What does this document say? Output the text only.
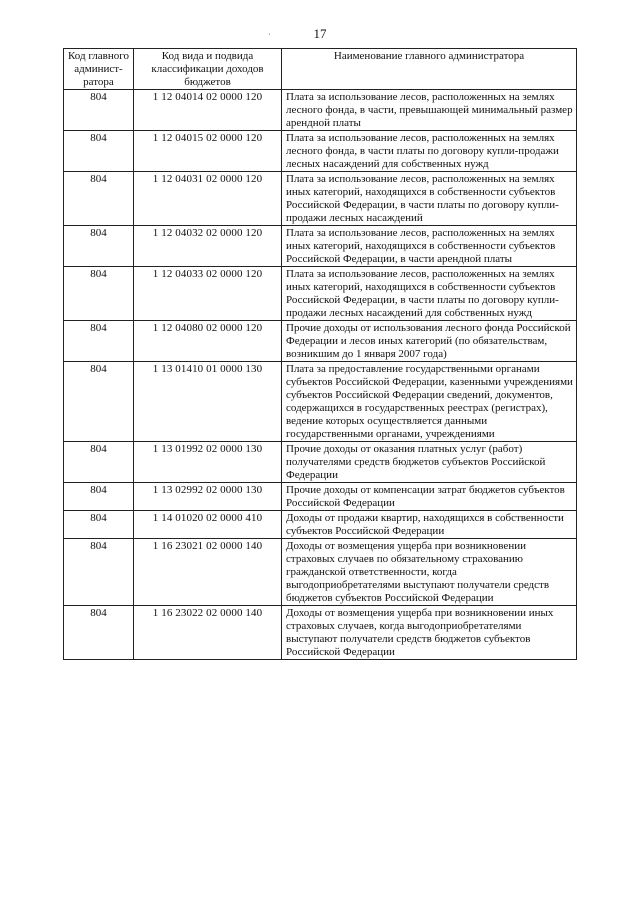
17
·
Код главного админист-ратора	Код вида и подвида классификации доходов бюджетов	Наименование главного администратора
804	1 12 04014 02 0000 120	Плата за использование лесов, расположенных на землях лесного фонда, в части, превышающей минимальный размер арендной платы
804	1 12 04015 02 0000 120	Плата за использование лесов, расположенных на землях лесного фонда, в части платы по договору купли-продажи лесных насаждений для собственных нужд
804	1 12 04031 02 0000 120	Плата за использование лесов, расположенных на землях иных категорий, находящихся в собственности субъектов Российской Федерации, в части платы по договору купли-продажи лесных насаждений
804	1 12 04032 02 0000 120	Плата за использование лесов, расположенных на землях иных категорий, находящихся в собственности субъектов Российской Федерации, в части арендной платы
804	1 12 04033 02 0000 120	Плата за использование лесов, расположенных на землях иных категорий, находящихся в собственности субъектов Российской Федерации, в части платы по договору купли-продажи лесных насаждений для собственных нужд
804	1 12 04080 02 0000 120	Прочие доходы от использования лесного фонда Российской Федерации и лесов иных категорий (по обязательствам, возникшим до 1 января 2007 года)
804	1 13 01410 01 0000 130	Плата за предоставление государственными органами субъектов Российской Федерации, казенными учреждениями субъектов Российской Федерации сведений, документов, содержащихся в государственных реестрах (регистрах), ведение которых осуществляется данными государственными органами, учреждениями
804	1 13 01992 02 0000 130	Прочие доходы от оказания платных услуг (работ) получателями средств бюджетов субъектов Российской Федерации
804	1 13 02992 02 0000 130	Прочие доходы от компенсации затрат бюджетов субъектов Российской Федерации
804	1 14 01020 02 0000 410	Доходы от продажи квартир, находящихся в собственности субъектов Российской Федерации
804	1 16 23021 02 0000 140	Доходы от возмещения ущерба при возникновении страховых случаев по обязательному страхованию гражданской ответственности, когда выгодоприобретателями выступают получатели средств бюджетов субъектов Российской Федерации
804	1 16 23022 02 0000 140	Доходы от возмещения ущерба при возникновении иных страховых случаев, когда выгодоприобретателями выступают получатели средств бюджетов субъектов Российской Федерации
